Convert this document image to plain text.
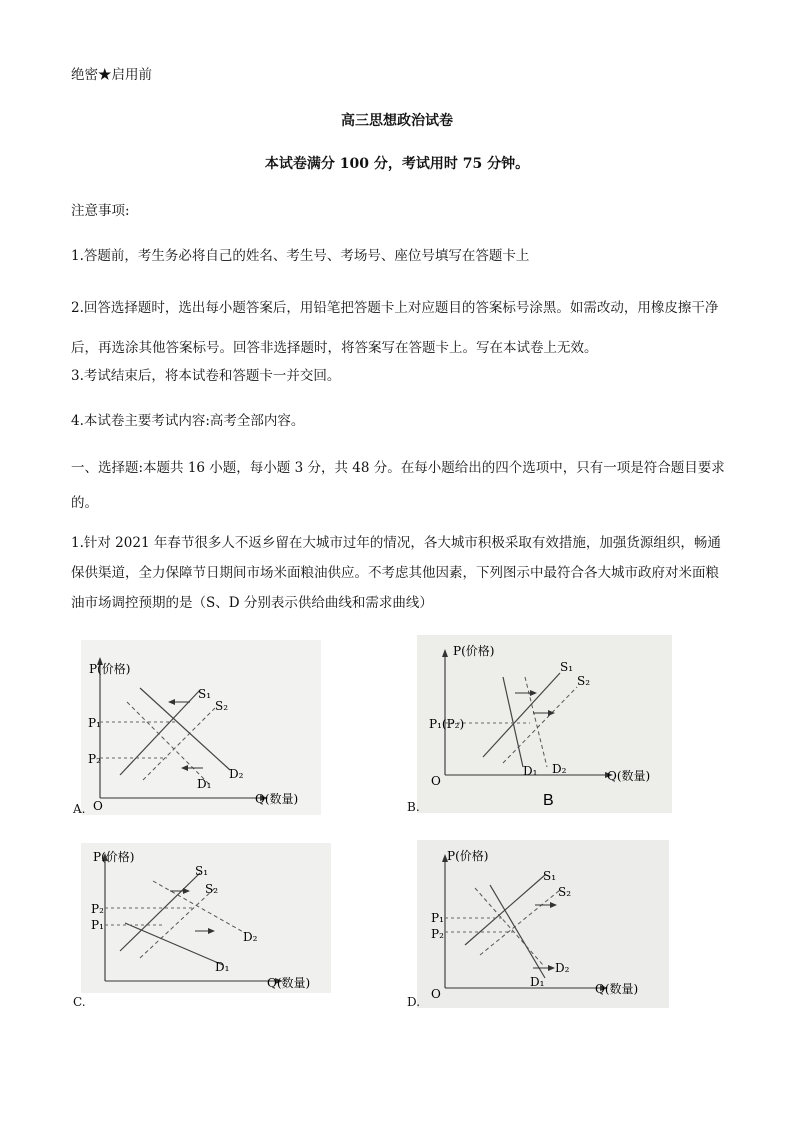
绝密★启用前
高三思想政治试卷
本试卷满分 100 分，考试用时 75 分钟。
注意事项:
1.答题前，考生务必将自己的姓名、考生号、考场号、座位号填写在答题卡上
2.回答选择题时，选出每小题答案后，用铅笔把答题卡上对应题目的答案标号涂黑。如需改动，用橡皮擦干净后，再选涂其他答案标号。回答非选择题时，将答案写在答题卡上。写在本试卷上无效。
3.考试结束后，将本试卷和答题卡一并交回。
4.本试卷主要考试内容:高考全部内容。
一、选择题:本题共 16 小题，每小题 3 分，共 48 分。在每小题给出的四个选项中，只有一项是符合题目要求的。
1.针对 2021 年春节很多人不返乡留在大城市过年的情况，各大城市积极采取有效措施，加强货源组织，畅通保供渠道，全力保障节日期间市场米面粮油供应。不考虑其他因素，下列图示中最符合各大城市政府对米面粮油市场调控预期的是（S、D 分别表示供给曲线和需求曲线）
P(价格)
Q(数量)
O
P₁
P₂
S₁
S₂
D₂
D₁
A.
P(价格)
Q(数量)
O
P₁(P₂)
S₁
S₂
D₁ D₂
B
B.
P(价格)
Q(数量)
P₂
P₁
S₁
S₂
D₂
D₁
C.
P(价格)
Q(数量)
O
P₁
P₂
S₁
S₂
D₂
D₁
D.
